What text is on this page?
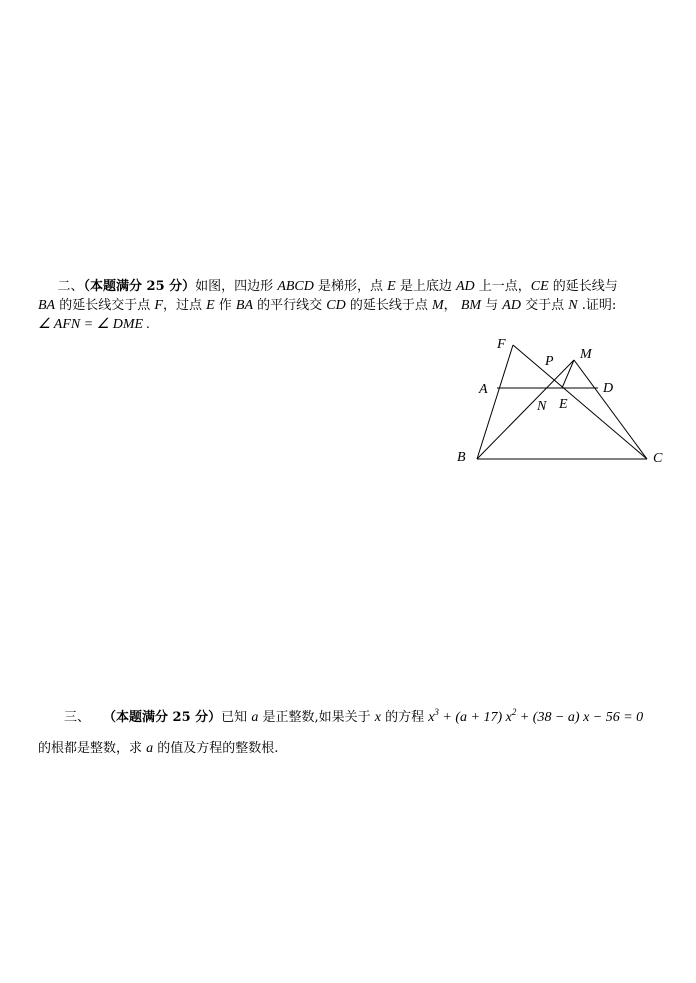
  二、（本题满分 25 分）如图，四边形 ABCD 是梯形，点 E 是上底边 AD 上一点，CE 的延长线与
BA 的延长线交于点 F，过点 E 作 BA 的平行线交 CD 的延长线于点 M， BM 与 AD 交于点 N .证明:
∠ AFN = ∠ DME .
F
P M
A	D
N E
B	C
  三、  （本题满分 25 分）已知 a 是正整数,如果关于 x 的方程 $x^3 + (a + 17) x^2 + (38 - a) x - 56 = 0$
的根都是整数，求 a 的值及方程的整数根.
